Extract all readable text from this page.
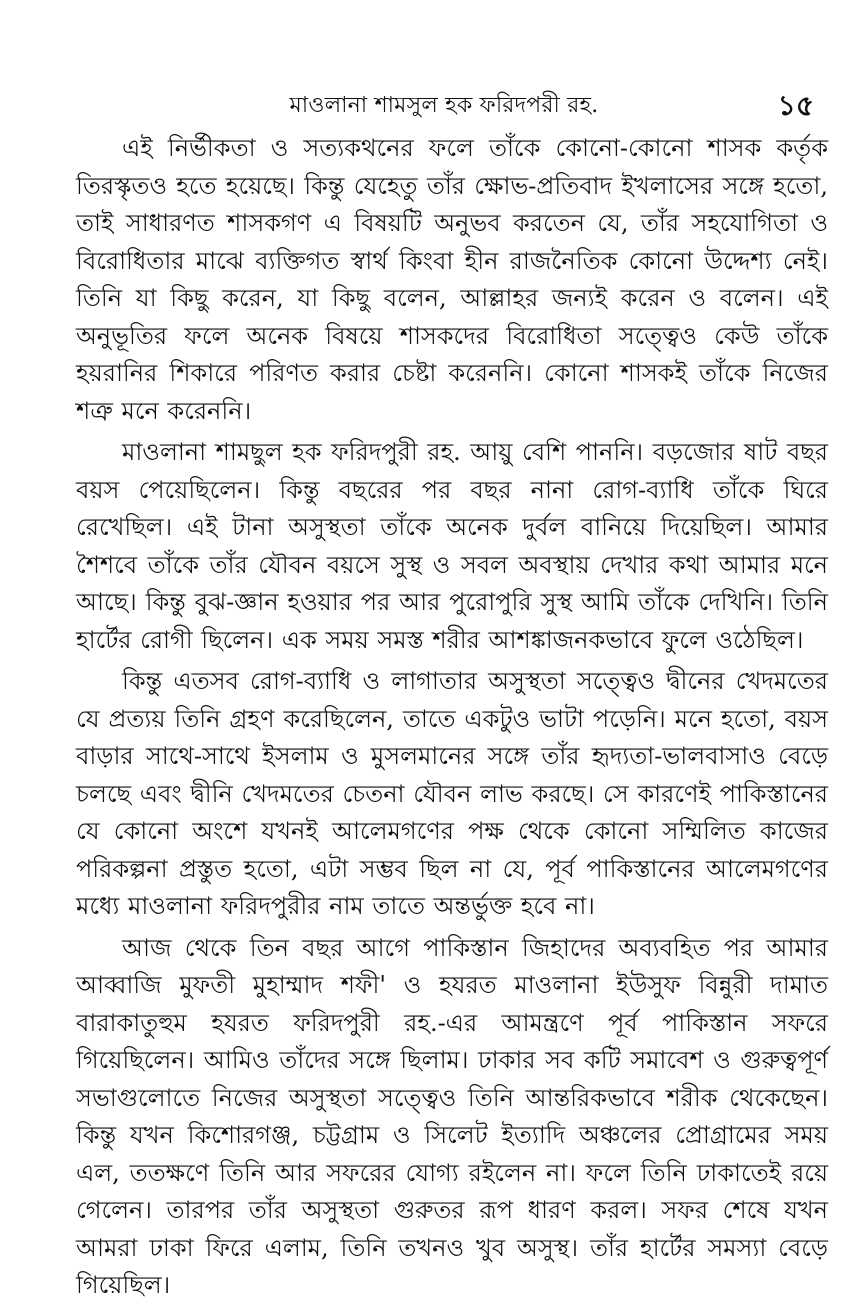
মাওলানা শামসুল হক ফরিদপরী রহ.	১৫

এই নির্ভীকতা ও সত্যকথনের ফলে তাঁকে কোনো-কোনো শাসক কর্তৃক তিরস্কৃতও হতে হয়েছে। কিন্তু যেহেতু তাঁর ক্ষোভ-প্রতিবাদ ইখলাসের সঙ্গে হতো, তাই সাধারণত শাসকগণ এ বিষয়টি অনুভব করতেন যে, তাঁর সহযোগিতা ও বিরোধিতার মাঝে ব্যক্তিগত স্বার্থ কিংবা হীন রাজনৈতিক কোনো উদ্দেশ্য নেই। তিনি যা কিছু করেন, যা কিছু বলেন, আল্লাহর জন্যই করেন ও বলেন। এই অনুভূতির ফলে অনেক বিষয়ে শাসকদের বিরোধিতা সত্ত্বেও কেউ তাঁকে হয়রানির শিকারে পরিণত করার চেষ্টা করেননি। কোনো শাসকই তাঁকে নিজের শত্রু মনে করেননি।

মাওলানা শামছুল হক ফরিদপুরী রহ. আয়ু বেশি পাননি। বড়জোর ষাট বছর বয়স পেয়েছিলেন। কিন্তু বছরের পর বছর নানা রোগ-ব্যাধি তাঁকে ঘিরে রেখেছিল। এই টানা অসুস্থতা তাঁকে অনেক দুর্বল বানিয়ে দিয়েছিল। আমার শৈশবে তাঁকে তাঁর যৌবন বয়সে সুস্থ ও সবল অবস্থায় দেখার কথা আমার মনে আছে। কিন্তু বুঝ-জ্ঞান হওয়ার পর আর পুরোপুরি সুস্থ আমি তাঁকে দেখিনি। তিনি হার্টের রোগী ছিলেন। এক সময় সমস্ত শরীর আশঙ্কাজনকভাবে ফুলে ওঠেছিল।

কিন্তু এতসব রোগ-ব্যাধি ও লাগাতার অসুস্থতা সত্ত্বেও দ্বীনের খেদমতের যে প্রত্যয় তিনি গ্রহণ করেছিলেন, তাতে একটুও ভাটা পড়েনি। মনে হতো, বয়স বাড়ার সাথে-সাথে ইসলাম ও মুসলমানের সঙ্গে তাঁর হৃদ্যতা-ভালবাসাও বেড়ে চলছে এবং দ্বীনি খেদমতের চেতনা যৌবন লাভ করছে। সে কারণেই পাকিস্তানের যে কোনো অংশে যখনই আলেমগণের পক্ষ থেকে কোনো সম্মিলিত কাজের পরিকল্পনা প্রস্তুত হতো, এটা সম্ভব ছিল না যে, পূর্ব পাকিস্তানের আলেমগণের মধ্যে মাওলানা ফরিদপুরীর নাম তাতে অন্তর্ভুক্ত হবে না।

আজ থেকে তিন বছর আগে পাকিস্তান জিহাদের অব্যবহিত পর আমার আব্বাজি মুফতী মুহাম্মাদ শফী' ও হযরত মাওলানা ইউসুফ বিন্নুরী দামাত বারাকাতুহুম হযরত ফরিদপুরী রহ.-এর আমন্ত্রণে পূর্ব পাকিস্তান সফরে গিয়েছিলেন। আমিও তাঁদের সঙ্গে ছিলাম। ঢাকার সব কটি সমাবেশ ও গুরুত্বপূর্ণ সভাগুলোতে নিজের অসুস্থতা সত্ত্বেও তিনি আন্তরিকভাবে শরীক থেকেছেন। কিন্তু যখন কিশোরগঞ্জ, চট্টগ্রাম ও সিলেট ইত্যাদি অঞ্চলের প্রোগ্রামের সময় এল, ততক্ষণে তিনি আর সফরের যোগ্য রইলেন না। ফলে তিনি ঢাকাতেই রয়ে গেলেন। তারপর তাঁর অসুস্থতা গুরুতর রূপ ধারণ করল। সফর শেষে যখন আমরা ঢাকা ফিরে এলাম, তিনি তখনও খুব অসুস্থ। তাঁর হার্টের সমস্যা বেড়ে গিয়েছিল।
